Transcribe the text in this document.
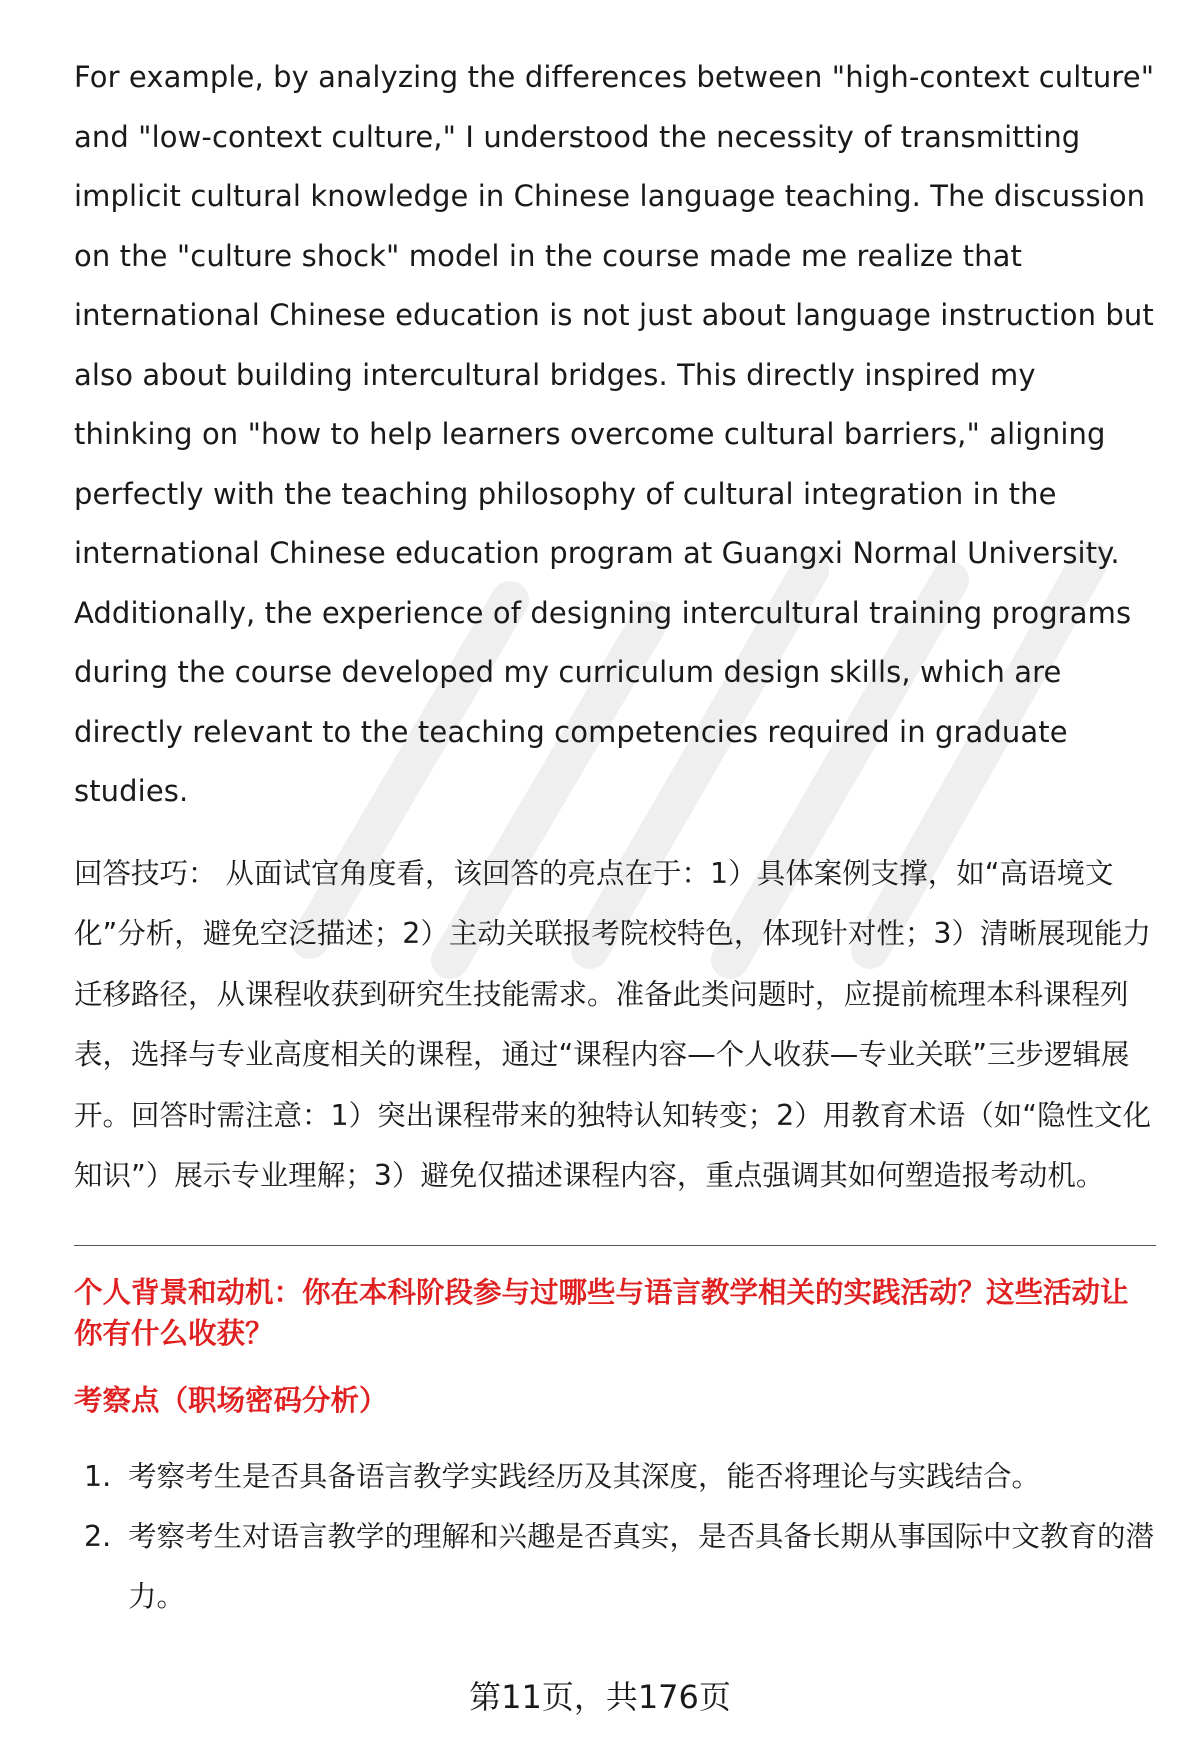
For example, by analyzing the differences between "high-context culture" and "low-context culture," I understood the necessity of transmitting implicit cultural knowledge in Chinese language teaching. The discussion on the "culture shock" model in the course made me realize that international Chinese education is not just about language instruction but also about building intercultural bridges. This directly inspired my thinking on "how to help learners overcome cultural barriers," aligning perfectly with the teaching philosophy of cultural integration in the international Chinese education program at Guangxi Normal University. Additionally, the experience of designing intercultural training programs during the course developed my curriculum design skills, which are directly relevant to the teaching competencies required in graduate studies.

回答技巧： 从面试官角度看，该回答的亮点在于：1）具体案例支撑，如“高语境文化”分析，避免空泛描述；2）主动关联报考院校特色，体现针对性；3）清晰展现能力迁移路径，从课程收获到研究生技能需求。准备此类问题时，应提前梳理本科课程列表，选择与专业高度相关的课程，通过“课程内容—个人收获—专业关联”三步逻辑展开。回答时需注意：1）突出课程带来的独特认知转变；2）用教育术语（如“隐性文化知识”）展示专业理解；3）避免仅描述课程内容，重点强调其如何塑造报考动机。

个人背景和动机：你在本科阶段参与过哪些与语言教学相关的实践活动？这些活动让你有什么收获？

考察点（职场密码分析）

1. 考察考生是否具备语言教学实践经历及其深度，能否将理论与实践结合。
2. 考察考生对语言教学的理解和兴趣是否真实，是否具备长期从事国际中文教育的潜力。
第11页，共176页
